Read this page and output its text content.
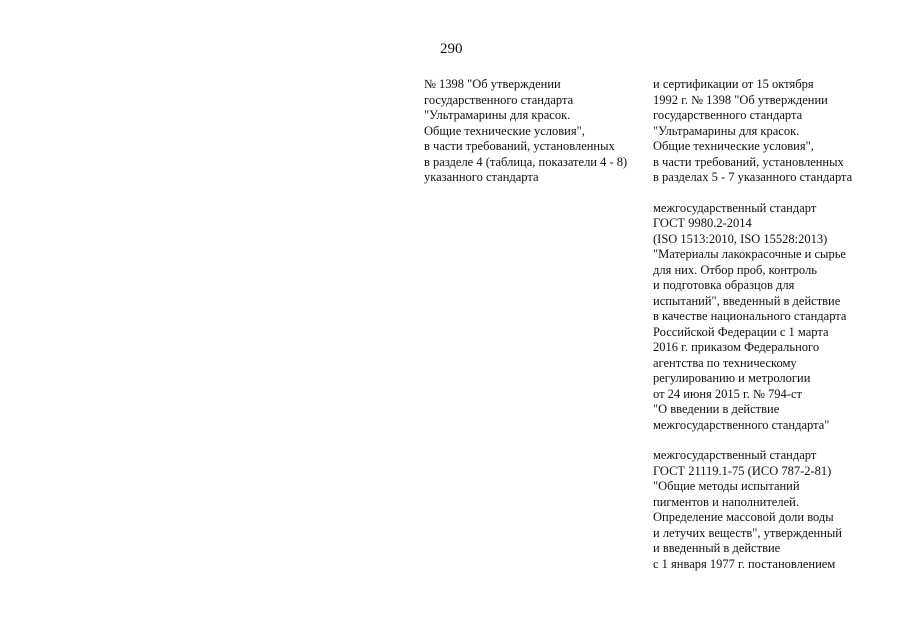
290
№ 1398 "Об утверждении
государственного стандарта
"Ультрамарины для красок.
Общие технические условия",
в части требований, установленных
в разделе 4 (таблица, показатели 4 - 8)
указанного стандарта
и сертификации от 15 октября
1992 г. № 1398 "Об утверждении
государственного стандарта
"Ультрамарины для красок.
Общие технические условия",
в части требований, установленных
в разделах 5 - 7 указанного стандарта
межгосударственный стандарт
ГОСТ 9980.2-2014
(ISO 1513:2010, ISO 15528:2013)
"Материалы лакокрасочные и сырье
для них. Отбор проб, контроль
и подготовка образцов для
испытаний", введенный в действие
в качестве национального стандарта
Российской Федерации с 1 марта
2016 г. приказом Федерального
агентства по техническому
регулированию и метрологии
от 24 июня 2015 г. № 794-ст
"О введении в действие
межгосударственного стандарта"
межгосударственный стандарт
ГОСТ 21119.1-75 (ИСО 787-2-81)
"Общие методы испытаний
пигментов и наполнителей.
Определение массовой доли воды
и летучих веществ", утвержденный
и введенный в действие
с 1 января 1977 г. постановлением
